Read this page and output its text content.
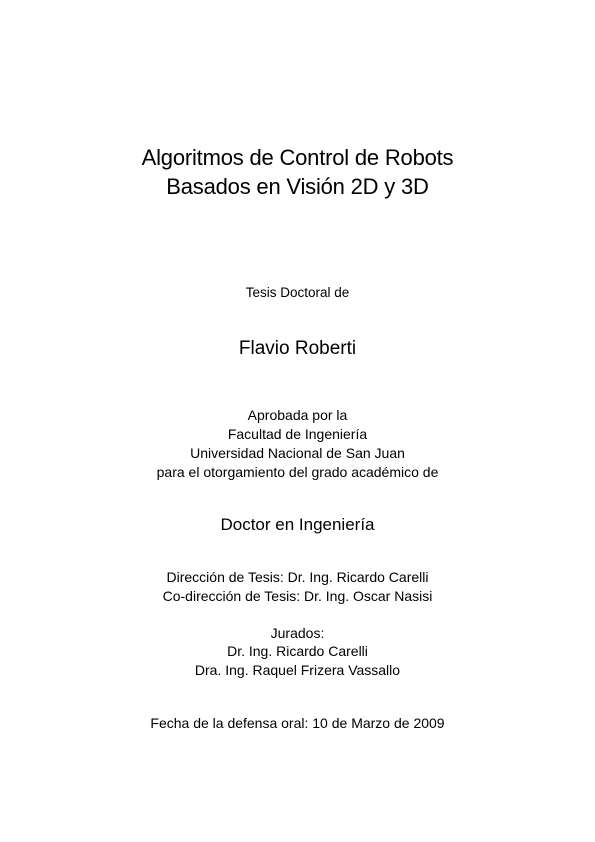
Algoritmos de Control de Robots
Basados en Visión 2D y 3D
Tesis Doctoral de
Flavio Roberti
Aprobada por la
Facultad de Ingeniería
Universidad Nacional de San Juan
para el otorgamiento del grado académico de
Doctor en Ingeniería
Dirección de Tesis: Dr. Ing. Ricardo Carelli
Co-dirección de Tesis: Dr. Ing. Oscar Nasisi
Jurados:
Dr. Ing. Ricardo Carelli
Dra. Ing. Raquel Frizera Vassallo
Fecha de la defensa oral: 10 de Marzo de 2009
